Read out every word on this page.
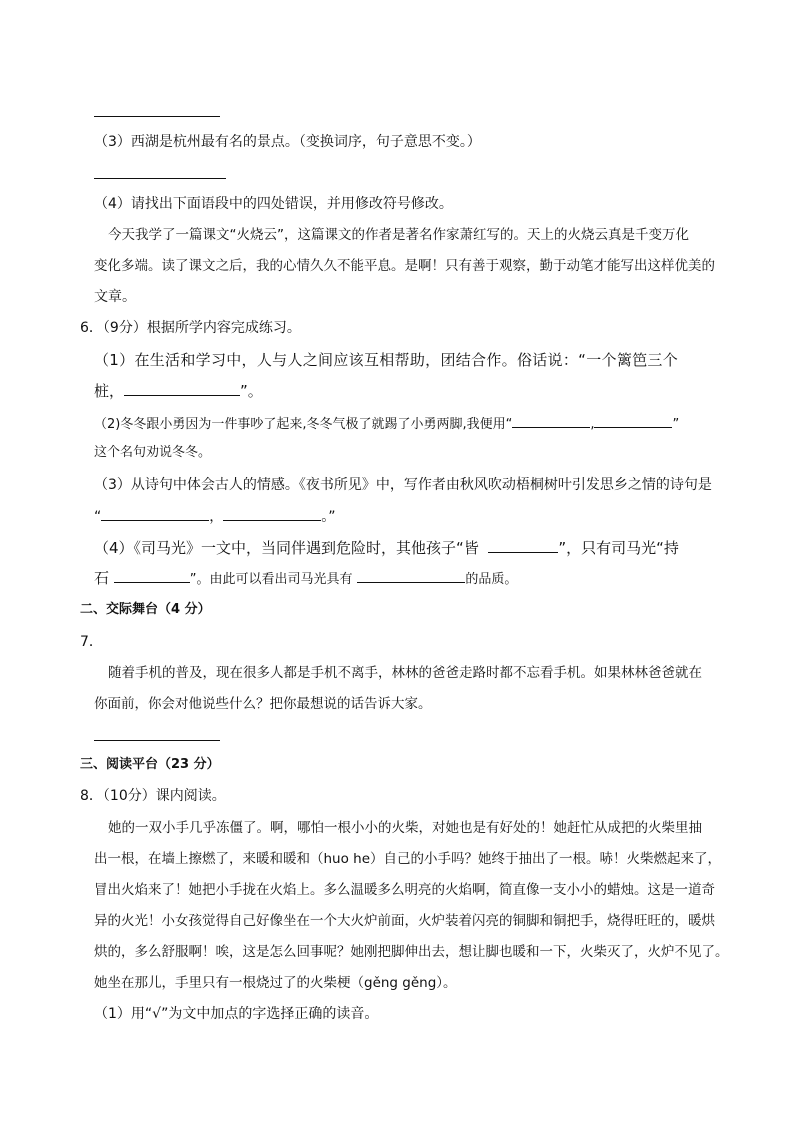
（3）西湖是杭州最有名的景点。（变换词序，句子意思不变。）
（4）请找出下面语段中的四处错误，并用修改符号修改。
今天我学了一篇课文“火烧云”，这篇课文的作者是著名作家萧红写的。天上的火烧云真是千变万化
变化多端。读了课文之后，我的心情久久不能平息。是啊！只有善于观察，勤于动笔才能写出这样优美的
文章。
6．（9分）根据所学内容完成练习。
（1）在生活和学习中，人与人之间应该互相帮助，团结合作。俗话说：“一个篱笆三个
桩，	”。
（2)冬冬跟小勇因为一件事吵了起来,冬冬气极了就踢了小勇两脚,我便用“	,	”
这个名句劝说冬冬。
（3）从诗句中体会古人的情感。《夜书所见》中，写作者由秋风吹动梧桐树叶引发思乡之情的诗句是
“	，	。”
（4）《司马光》一文中，当同伴遇到危险时，其他孩子“皆	”，只有司马光“持
石	”。由此可以看出司马光具有	的品质。
二、交际舞台（4 分）
7．
随着手机的普及，现在很多人都是手机不离手，林林的爸爸走路时都不忘看手机。如果林林爸爸就在
你面前，你会对他说些什么？把你最想说的话告诉大家。
三、阅读平台（23 分）
8．（10分）课内阅读。
她的一双小手几乎冻僵了。啊，哪怕一根小小的火柴，对她也是有好处的！她赶忙从成把的火柴里抽
出一根，在墙上擦燃了，来暖和暖和（huo he）自己的小手吗？她终于抽出了一根。哧！火柴燃起来了，
冒出火焰来了！她把小手拢在火焰上。多么温暖多么明亮的火焰啊，简直像一支小小的蜡烛。这是一道奇
异的火光！小女孩觉得自己好像坐在一个大火炉前面，火炉装着闪亮的铜脚和铜把手，烧得旺旺的，暖烘
烘的，多么舒服啊！唉，这是怎么回事呢？她刚把脚伸出去，想让脚也暖和一下，火柴灭了，火炉不见了。
她坐在那儿，手里只有一根烧过了的火柴梗（gěng gěng）。
（1）用“√”为文中加点的字选择正确的读音。
